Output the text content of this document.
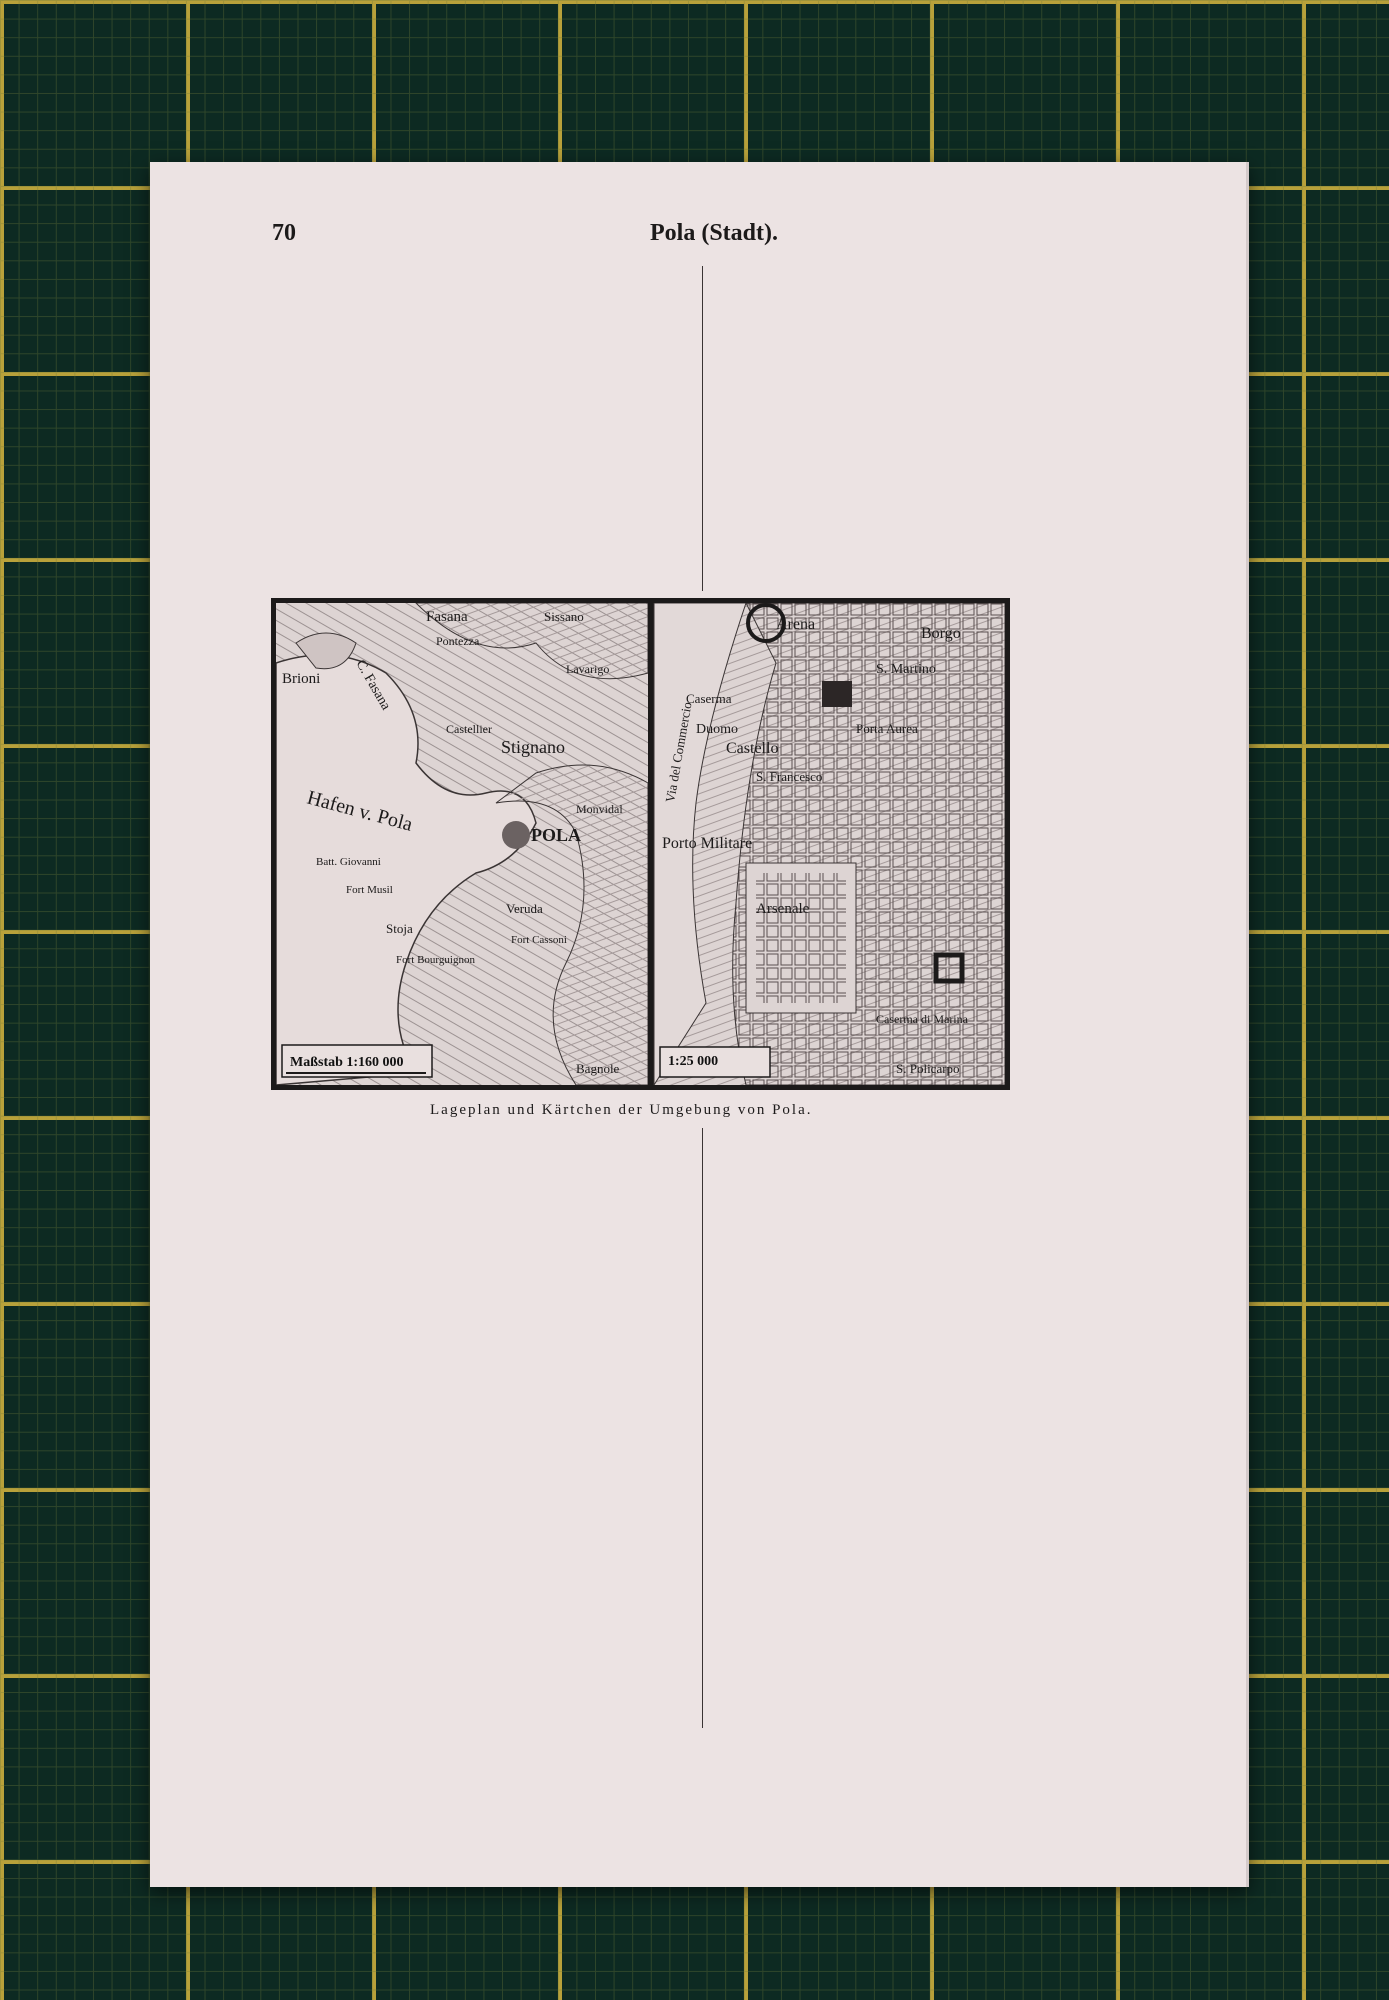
70	Pola (Stadt).
Maßstab 1:160 000
Fasana
C. Fasana
Brioni
Hafen v. Pola
Sissano
POLA
Stoja
Veruda
Bagnole
Pontezza
Lavarigo
Monvidal
Castellier
Stignano
Fort Musil
Batt. Giovanni
Fort Bourguignon
Fort Cassoni
1:25 000
Arena
Borgo
Via del Commercio
Caserma
Duomo
Castello
S. Francesco
Porta Aurea
Porto Militare
Arsenale
S. Martino
Caserma di Marina
S. Policarpo
Lageplan und Kärtchen der Umgebung von Pola.
